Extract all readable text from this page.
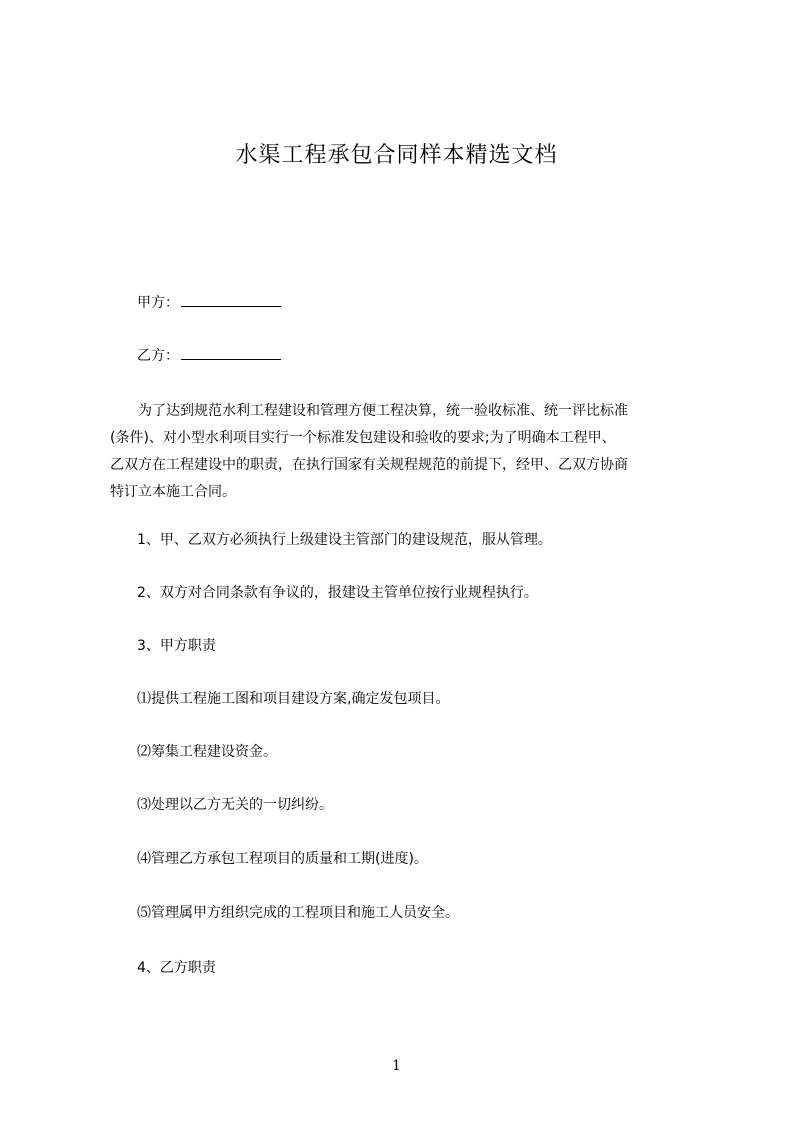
水渠工程承包合同样本精选文档
甲方：
乙方：
为了达到规范水利工程建设和管理方便工程决算，统一验收标准、统一评比标准
(条件)、对小型水利项目实行一个标准发包建设和验收的要求;为了明确本工程甲、
乙双方在工程建设中的职责，在执行国家有关规程规范的前提下，经甲、乙双方协商
特订立本施工合同。
1、甲、乙双方必须执行上级建设主管部门的建设规范，服从管理。
2、双方对合同条款有争议的，报建设主管单位按行业规程执行。
3、甲方职责
⑴提供工程施工图和项目建设方案,确定发包项目。
⑵筹集工程建设资金。
⑶处理以乙方无关的一切纠纷。
⑷管理乙方承包工程项目的质量和工期(进度)。
⑸管理属甲方组织完成的工程项目和施工人员安全。
4、乙方职责
1
